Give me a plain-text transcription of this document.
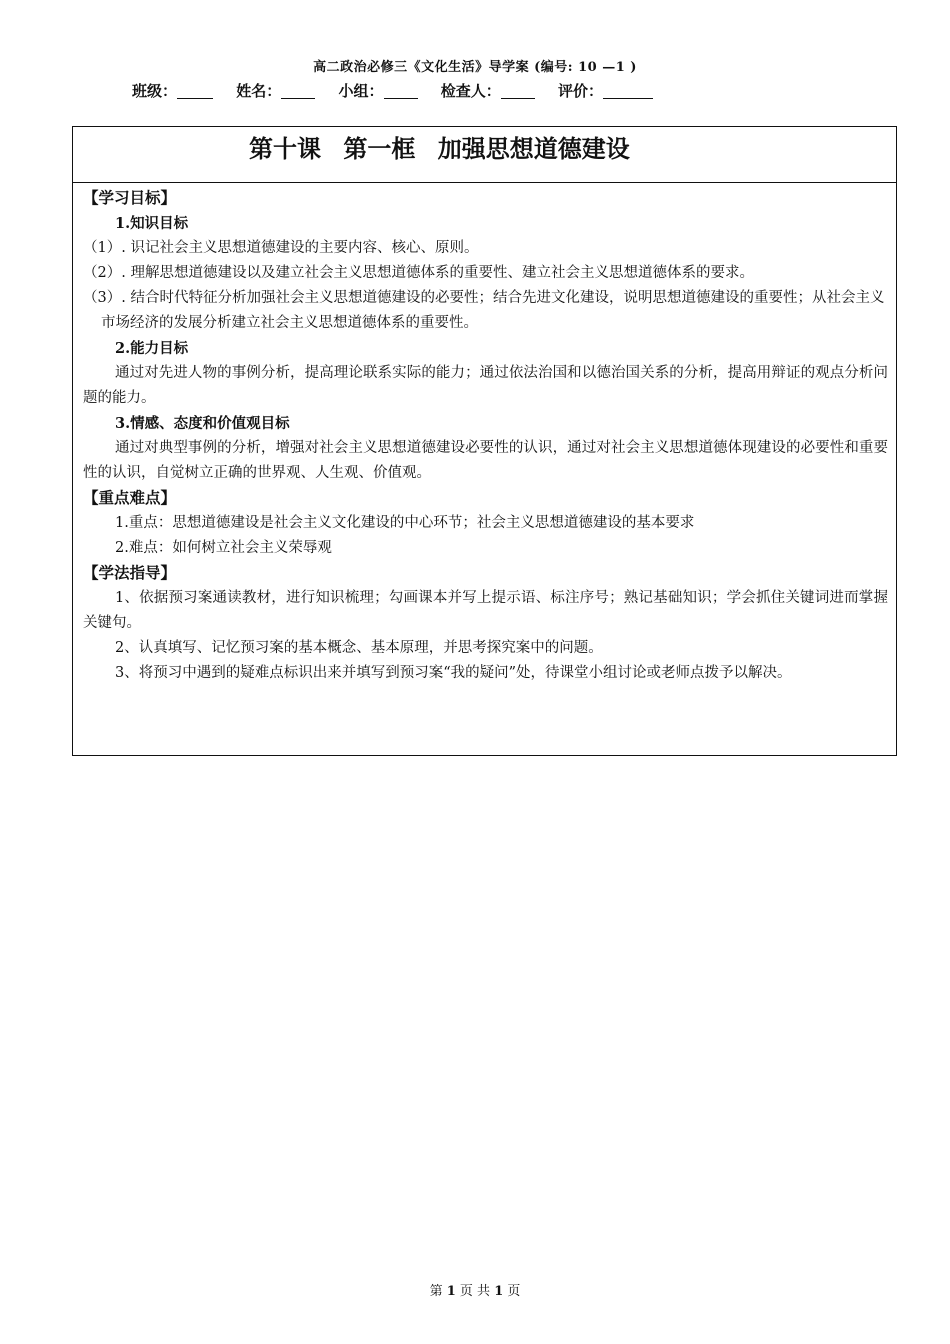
高二政治必修三《文化生活》导学案 (编号: 10 —1 )
班级：	姓名：	小组：	检查人：	评价：
第十课 第一框 加强思想道德建设
【学习目标】
1.知识目标
（1）. 识记社会主义思想道德建设的主要内容、核心、原则。
（2）. 理解思想道德建设以及建立社会主义思想道德体系的重要性、建立社会主义思想道德体系的要求。
（3）. 结合时代特征分析加强社会主义思想道德建设的必要性；结合先进文化建设，说明思想道德建设的重要性；从社会主义市场经济的发展分析建立社会主义思想道德体系的重要性。
2.能力目标
通过对先进人物的事例分析，提高理论联系实际的能力；通过依法治国和以德治国关系的分析，提高用辩证的观点分析问题的能力。
3.情感、态度和价值观目标
通过对典型事例的分析，增强对社会主义思想道德建设必要性的认识，通过对社会主义思想道德体现建设的必要性和重要性的认识，自觉树立正确的世界观、人生观、价值观。
【重点难点】
1.重点：思想道德建设是社会主义文化建设的中心环节；社会主义思想道德建设的基本要求
2.难点：如何树立社会主义荣辱观
【学法指导】
1、依据预习案通读教材，进行知识梳理；勾画课本并写上提示语、标注序号；熟记基础知识；学会抓住关键词进而掌握关键句。
2、认真填写、记忆预习案的基本概念、基本原理，并思考探究案中的问题。
3、将预习中遇到的疑难点标识出来并填写到预习案“我的疑问”处，待课堂小组讨论或老师点拨予以解决。
第 1 页 共 1 页
